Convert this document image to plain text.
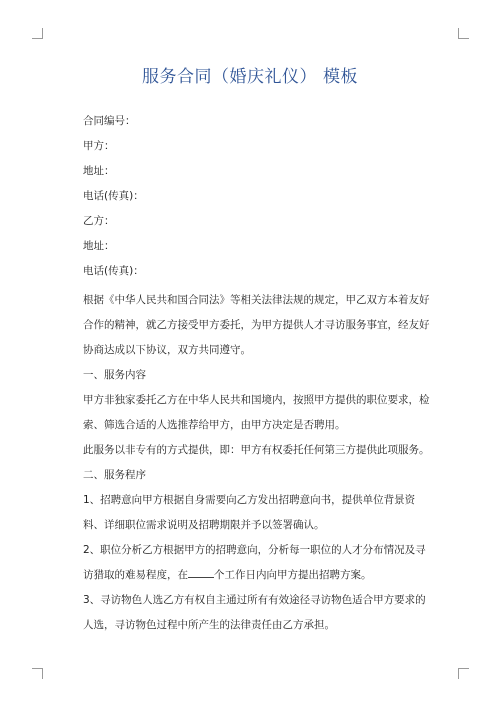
服务合同（婚庆礼仪） 模板
合同编号：
甲方：
地址：
电话(传真)：
乙方：
地址：
电话(传真)：

根据《中华人民共和国合同法》等相关法律法规的规定，甲乙双方本着友好合作的精神，就乙方接受甲方委托，为甲方提供人才寻访服务事宜，经友好协商达成以下协议，双方共同遵守。

一、服务内容

甲方非独家委托乙方在中华人民共和国境内，按照甲方提供的职位要求，检索、筛选合适的人选推荐给甲方，由甲方决定是否聘用。

此服务以非专有的方式提供，即：甲方有权委托任何第三方提供此项服务。

二、服务程序

1、招聘意向甲方根据自身需要向乙方发出招聘意向书，提供单位背景资料、详细职位需求说明及招聘期限并予以签署确认。

2、职位分析乙方根据甲方的招聘意向，分析每一职位的人才分布情况及寻访猎取的难易程度，在 个工作日内向甲方提出招聘方案。

3、寻访物色人选乙方有权自主通过所有有效途径寻访物色适合甲方要求的人选，寻访物色过程中所产生的法律责任由乙方承担。
